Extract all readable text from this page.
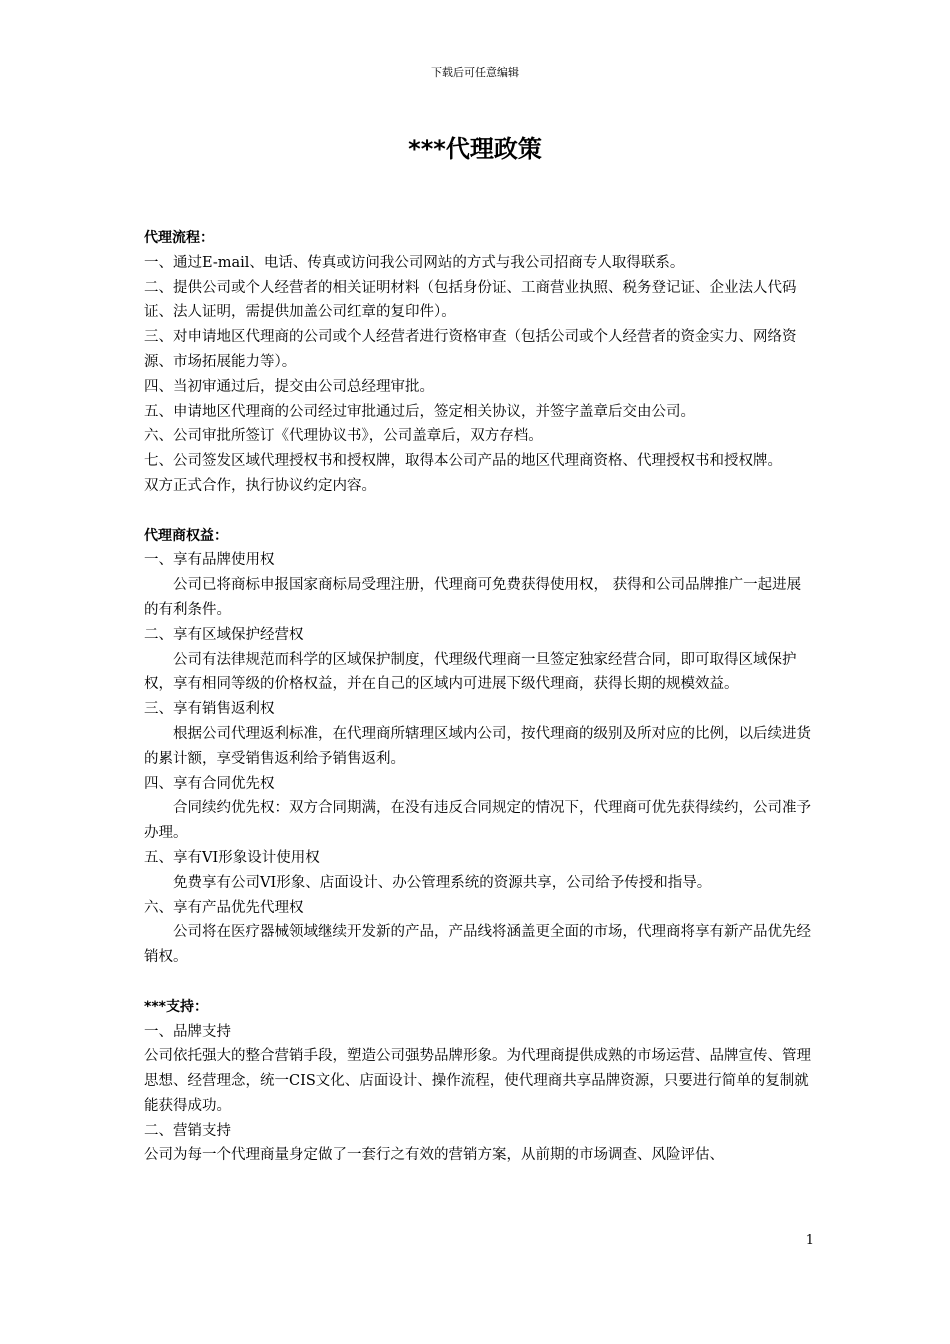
下载后可任意编辑
***代理政策

代理流程：

一、通过E-mail、电话、传真或访问我公司网站的方式与我公司招商专人取得联系。

二、提供公司或个人经营者的相关证明材料（包括身份证、工商营业执照、税务登记证、企业法人代码证、法人证明，需提供加盖公司红章的复印件）。

三、对申请地区代理商的公司或个人经营者进行资格审查（包括公司或个人经营者的资金实力、网络资源、市场拓展能力等）。

四、当初审通过后，提交由公司总经理审批。

五、申请地区代理商的公司经过审批通过后，签定相关协议，并签字盖章后交由公司。

六、公司审批所签订《代理协议书》，公司盖章后，双方存档。

七、公司签发区域代理授权书和授权牌，取得本公司产品的地区代理商资格、代理授权书和授权牌。

双方正式合作，执行协议约定内容。

代理商权益：

一、享有品牌使用权

公司已将商标申报国家商标局受理注册，代理商可免费获得使用权， 获得和公司品牌推广一起进展的有利条件。

二、享有区域保护经营权

公司有法律规范而科学的区域保护制度，代理级代理商一旦签定独家经营合同，即可取得区域保护权，享有相同等级的价格权益，并在自己的区域内可进展下级代理商，获得长期的规模效益。

三、享有销售返利权

根据公司代理返利标准，在代理商所辖理区域内公司，按代理商的级别及所对应的比例，以后续进货的累计额，享受销售返利给予销售返利。

四、享有合同优先权

合同续约优先权：双方合同期满，在没有违反合同规定的情况下，代理商可优先获得续约，公司准予办理。

五、享有VI形象设计使用权

免费享有公司VI形象、店面设计、办公管理系统的资源共享，公司给予传授和指导。

六、享有产品优先代理权

公司将在医疗器械领域继续开发新的产品，产品线将涵盖更全面的市场，代理商将享有新产品优先经销权。

***支持：

一、品牌支持

公司依托强大的整合营销手段，塑造公司强势品牌形象。为代理商提供成熟的市场运营、品牌宣传、管理思想、经营理念，统一CIS文化、店面设计、操作流程，使代理商共享品牌资源，只要进行简单的复制就能获得成功。

二、营销支持

公司为每一个代理商量身定做了一套行之有效的营销方案，从前期的市场调查、风险评估、

1
